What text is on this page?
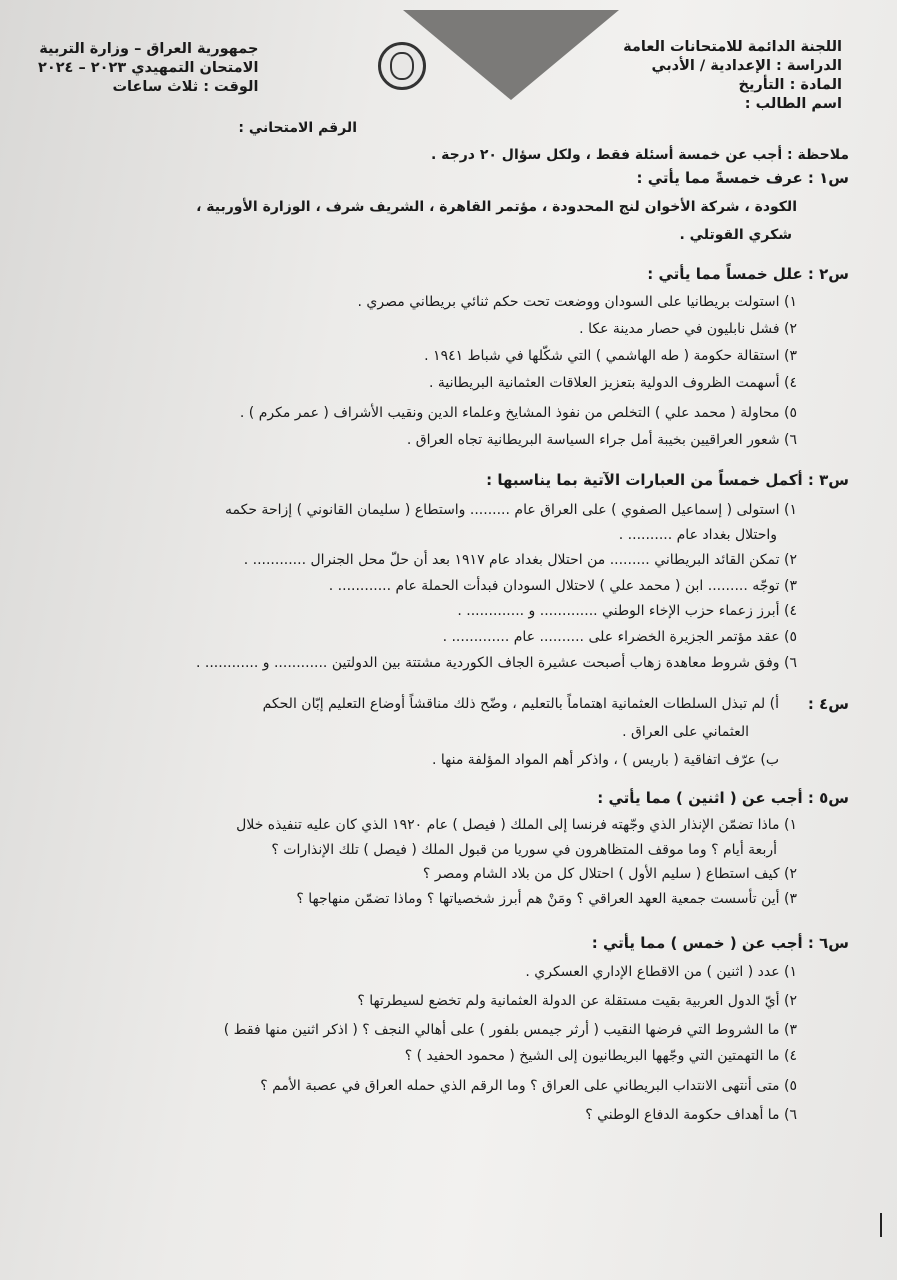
اللجنة الدائمة للامتحانات العامة
الدراسة : الإعدادية / الأدبي
المادة : التأريخ
اسم الطالب :
جمهورية العراق – وزارة التربية
الامتحان التمهيدي ٢٠٢٣ – ٢٠٢٤
الوقت : ثلاث ساعات
الرقم الامتحاني :
ملاحظة : أجب عن خمسة أسئلة فقط ، ولكل سؤال ٢٠ درجة .
س١ : عرف خمسةً مما يأتي :
الكودة ، شركة الأخوان لنج المحدودة ، مؤتمر القاهرة ، الشريف شرف ، الوزارة الأوربية ،
شكري القوتلي .
س٢ : علل خمساً مما يأتي :
١) استولت بريطانيا على السودان ووضعت تحت حكم ثنائي بريطاني مصري .
٢) فشل نابليون في حصار مدينة عكا .
٣) استقالة حكومة ( طه الهاشمي ) التي شكّلها في شباط ١٩٤١ .
٤) أسهمت الظروف الدولية بتعزيز العلاقات العثمانية البريطانية .
٥) محاولة ( محمد علي ) التخلص من نفوذ المشايخ وعلماء الدين ونقيب الأشراف ( عمر مكرم ) .
٦) شعور العراقيين بخيبة أمل جراء السياسة البريطانية تجاه العراق .
س٣ : أكمل خمساً من العبارات الآتية بما يناسبها :
١) استولى ( إسماعيل الصفوي ) على العراق عام ......... واستطاع ( سليمان القانوني ) إزاحة حكمه
واحتلال بغداد عام .......... .
٢) تمكن القائد البريطاني ......... من احتلال بغداد عام ١٩١٧ بعد أن حلّ محل الجنرال ............ .
٣) توجّه ......... ابن ( محمد علي ) لاحتلال السودان فبدأت الحملة عام ............ .
٤) أبرز زعماء حزب الإخاء الوطني ............. و ............. .
٥) عقد مؤتمر الجزيرة الخضراء على .......... عام ............. .
٦) وفق شروط معاهدة زهاب أصبحت عشيرة الجاف الكوردية مشتتة بين الدولتين ............ و ............ .
س٤ :
أ) لم تبذل السلطات العثمانية اهتماماً بالتعليم ، وضّح ذلك مناقشاً أوضاع التعليم إبّان الحكم
العثماني على العراق .
ب) عرّف اتفاقية ( باريس ) ، واذكر أهم المواد المؤلفة منها .
س٥ : أجب عن ( اثنين ) مما يأتي :
١) ماذا تضمّن الإنذار الذي وجّهته فرنسا إلى الملك ( فيصل ) عام ١٩٢٠ الذي كان عليه تنفيذه خلال
أربعة أيام ؟ وما موقف المتظاهرون في سوريا من قبول الملك ( فيصل ) تلك الإنذارات ؟
٢) كيف استطاع ( سليم الأول ) احتلال كل من بلاد الشام ومصر ؟
٣) أين تأسست جمعية العهد العراقي ؟ ومَنْ هم أبرز شخصياتها ؟ وماذا تضمّن منهاجها ؟
س٦ : أجب عن ( خمس ) مما يأتي :
١) عدد ( اثنين ) من الاقطاع الإداري العسكري .
٢) أيّ الدول العربية بقيت مستقلة عن الدولة العثمانية ولم تخضع لسيطرتها ؟
٣) ما الشروط التي فرضها النقيب ( أرثر جيمس بلفور ) على أهالي النجف ؟ ( اذكر اثنين منها فقط )
٤) ما التهمتين التي وجّهها البريطانيون إلى الشيخ ( محمود الحفيد ) ؟
٥) متى أنتهى الانتداب البريطاني على العراق ؟ وما الرقم الذي حمله العراق في عصبة الأمم ؟
٦) ما أهداف حكومة الدفاع الوطني ؟
